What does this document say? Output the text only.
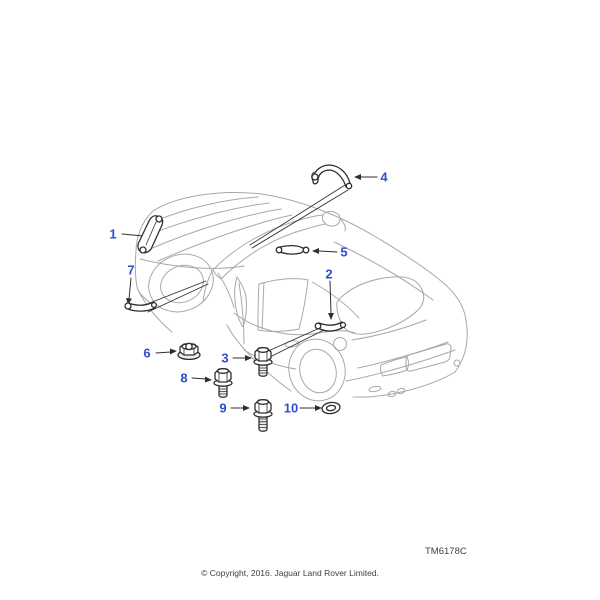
1
2
3
4
5
6
7
8
9	10
TM6178C
© Copyright, 2016. Jaguar Land Rover Limited.
